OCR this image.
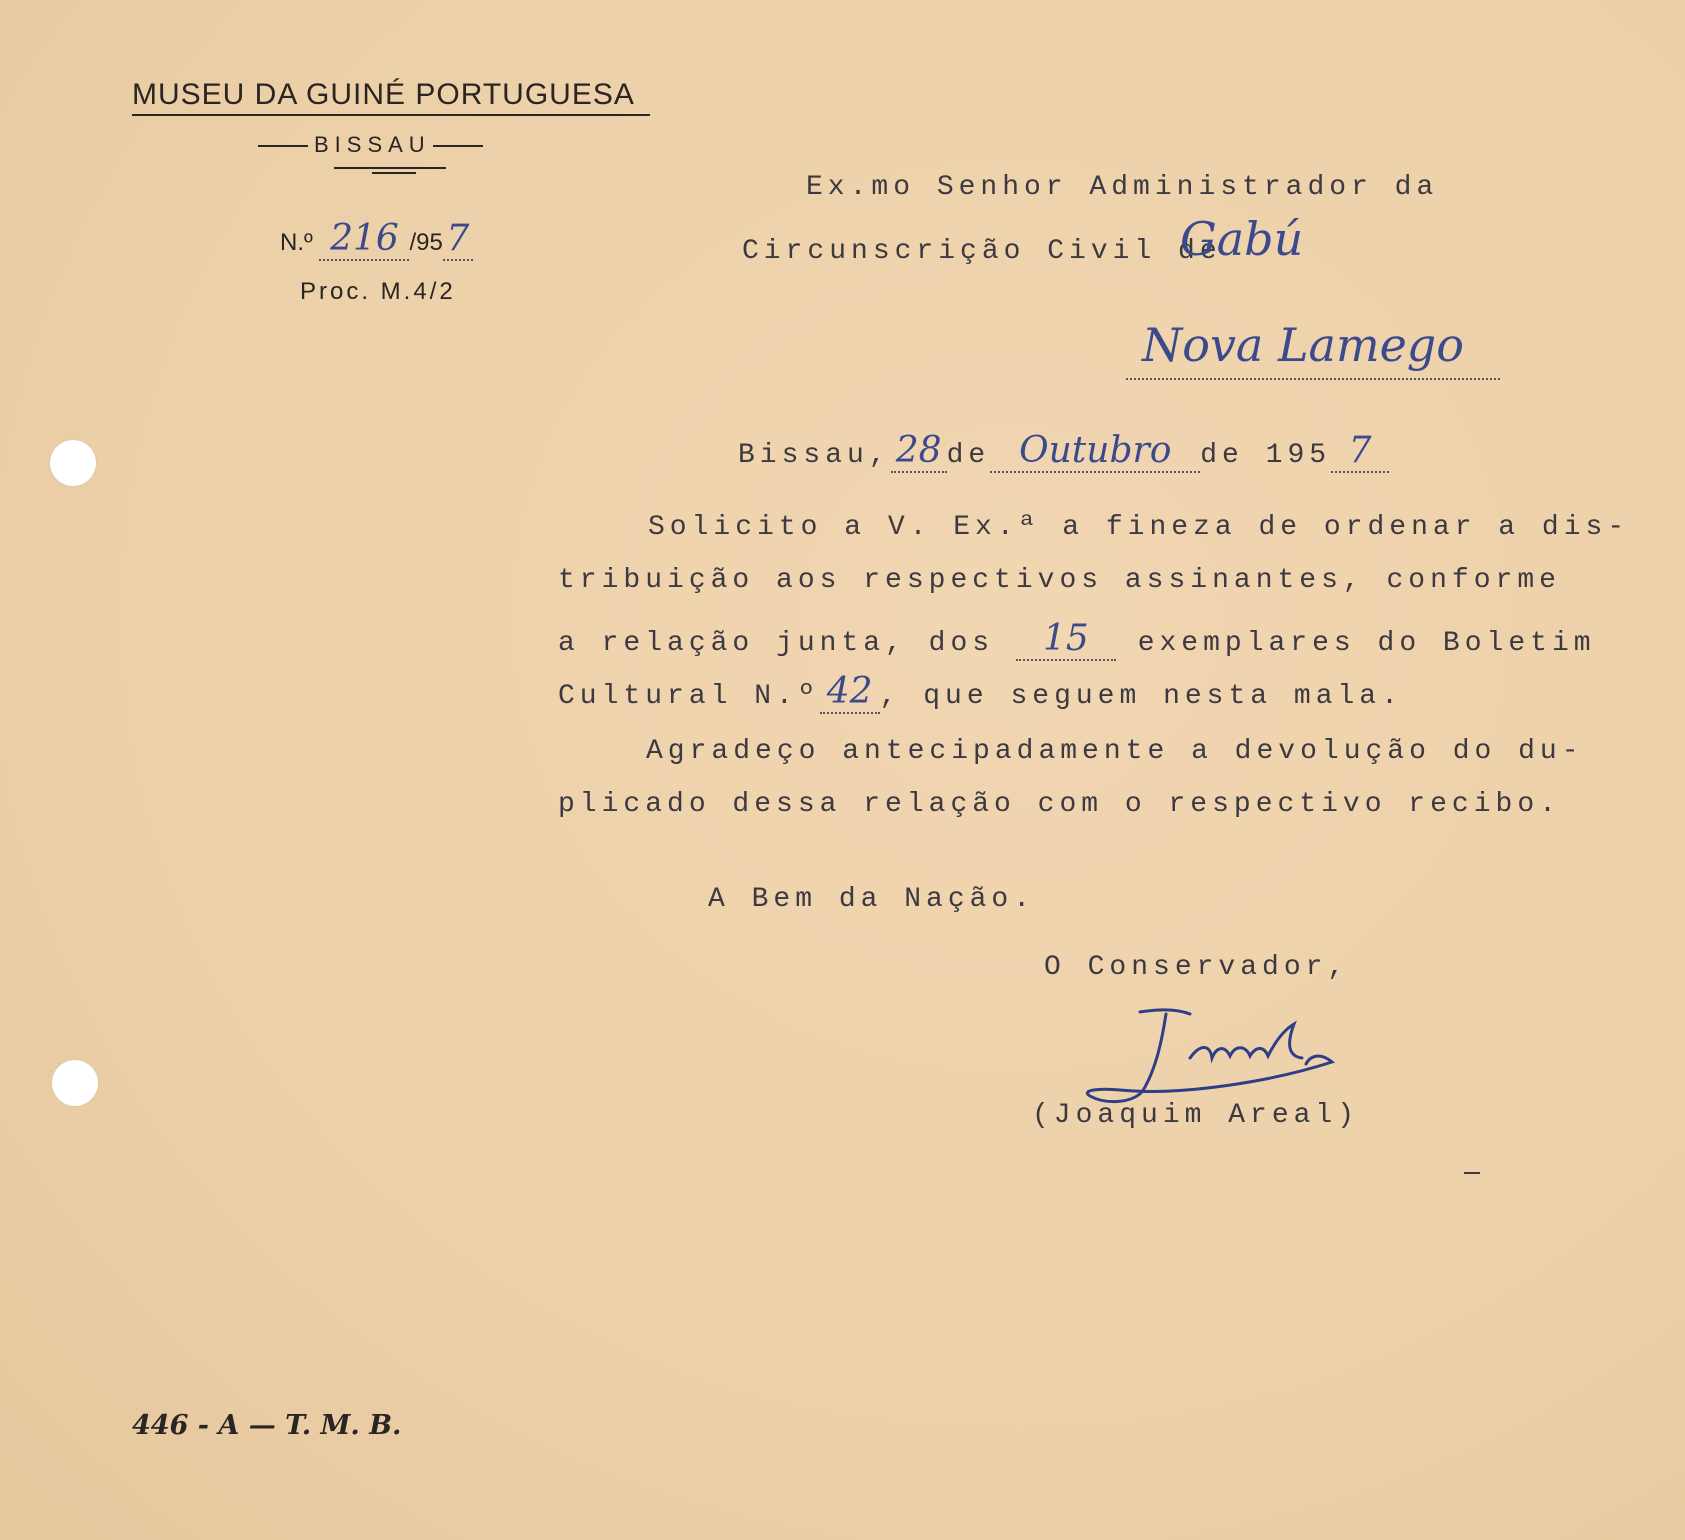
MUSEU DA GUINÉ PORTUGUESA
BISSAU
N.º 216 /957
Proc. M.4/2
Ex.mo Senhor Administrador da
Circunscrição Civil de
Gabú
Nova Lamego
Bissau, 28 de Outubro de 195 7
Solicito a V. Ex.ª a finеza de ordenar a dis-
tribuição aos respectivos assinantes, conforme
a relação junta, dos 15 exemplares do Boletim
Cultural N.º 42 , que seguem nesta mala.
Agradeço antecipadamente a devolução do du-
plicado dessa relação com o respectivo recibo.
A Bem da Nação.
O Conservador,
(Joaquim Areal)
446 - A — T. M. B.
